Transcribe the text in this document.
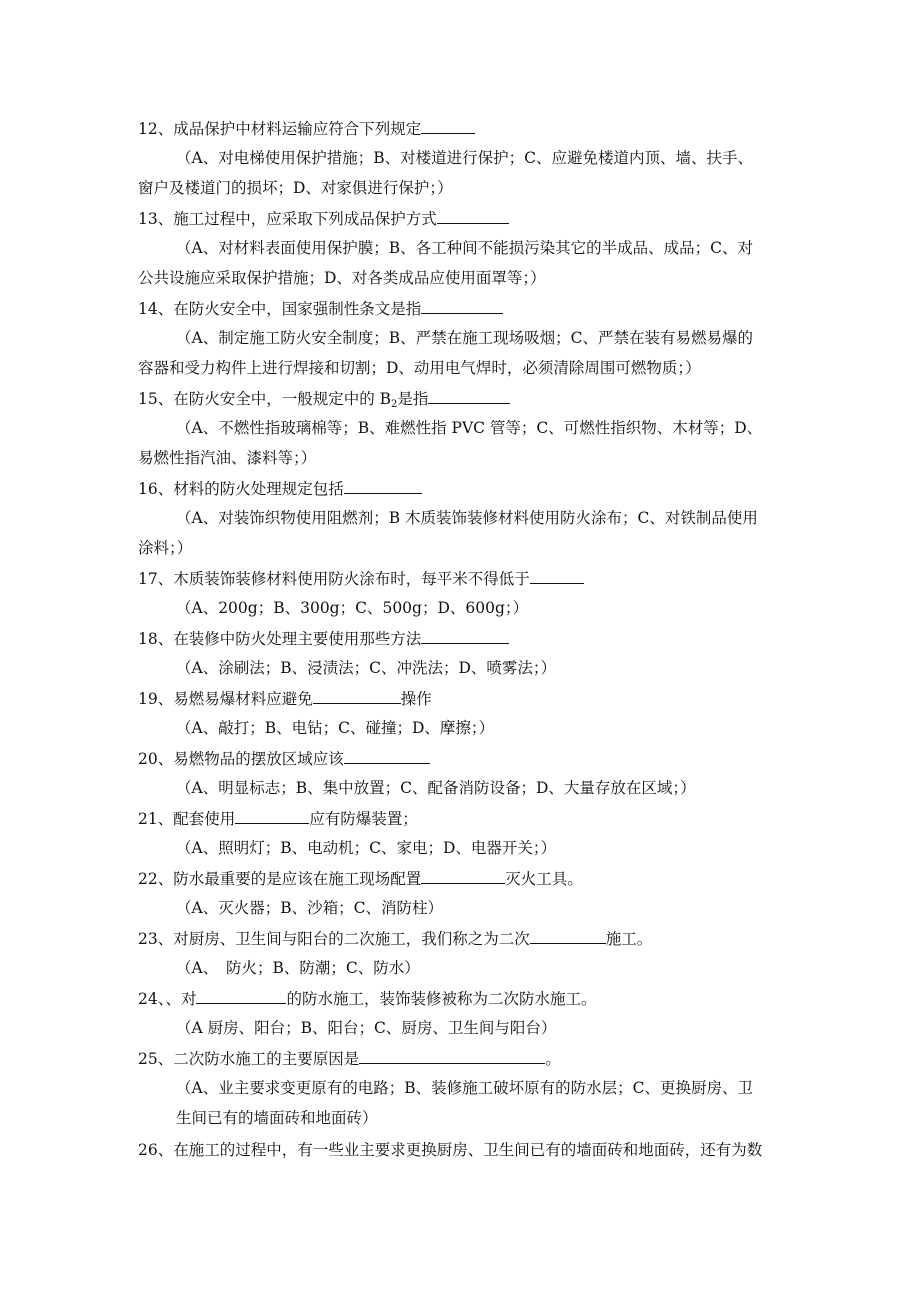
12、成品保护中材料运输应符合下列规定
（A、对电梯使用保护措施；B、对楼道进行保护；C、应避免楼道内顶、墙、扶手、
窗户及楼道门的损坏；D、对家俱进行保护；）
13、施工过程中，应采取下列成品保护方式
（A、对材料表面使用保护膜；B、各工种间不能损污染其它的半成品、成品；C、对
公共设施应采取保护措施；D、对各类成品应使用面罩等；）
14、在防火安全中，国家强制性条文是指
（A、制定施工防火安全制度；B、严禁在施工现场吸烟；C、严禁在装有易燃易爆的
容器和受力构件上进行焊接和切割；D、动用电气焊时，必须清除周围可燃物质；）
15、在防火安全中，一般规定中的 $B_2$是指
（A、不燃性指玻璃棉等；B、难燃性指 PVC 管等；C、可燃性指织物、木材等；D、
易燃性指汽油、漆料等；）
16、材料的防火处理规定包括
（A、对装饰织物使用阻燃剂；B 木质装饰装修材料使用防火涂布；C、对铁制品使用
涂料；）
17、木质装饰装修材料使用防火涂布时，每平米不得低于
（A、200g；B、300g；C、500g；D、600g；）
18、在装修中防火处理主要使用那些方法
（A、涂刷法；B、浸渍法；C、冲洗法；D、喷雾法；）
19、易燃易爆材料应避免	操作
（A、敲打；B、电钻；C、碰撞；D、摩擦；）
20、易燃物品的摆放区域应该
（A、明显标志；B、集中放置；C、配备消防设备；D、大量存放在区域；）
21、配套使用	应有防爆装置；
（A、照明灯；B、电动机；C、家电；D、电器开关；）
22、防水最重要的是应该在施工现场配置	灭火工具。
（A、灭火器；B、沙箱；C、消防柱）
23、对厨房、卫生间与阳台的二次施工，我们称之为二次	施工。
（A、　防火；B、防潮；C、防水）
24、、对	的防水施工，装饰装修被称为二次防水施工。
（A 厨房、阳台；B、阳台；C、厨房、卫生间与阳台）
25、二次防水施工的主要原因是	。
（A、业主要求变更原有的电路；B、装修施工破坏原有的防水层；C、更换厨房、卫
生间已有的墙面砖和地面砖）
26、在施工的过程中，有一些业主要求更换厨房、卫生间已有的墙面砖和地面砖，还有为数
